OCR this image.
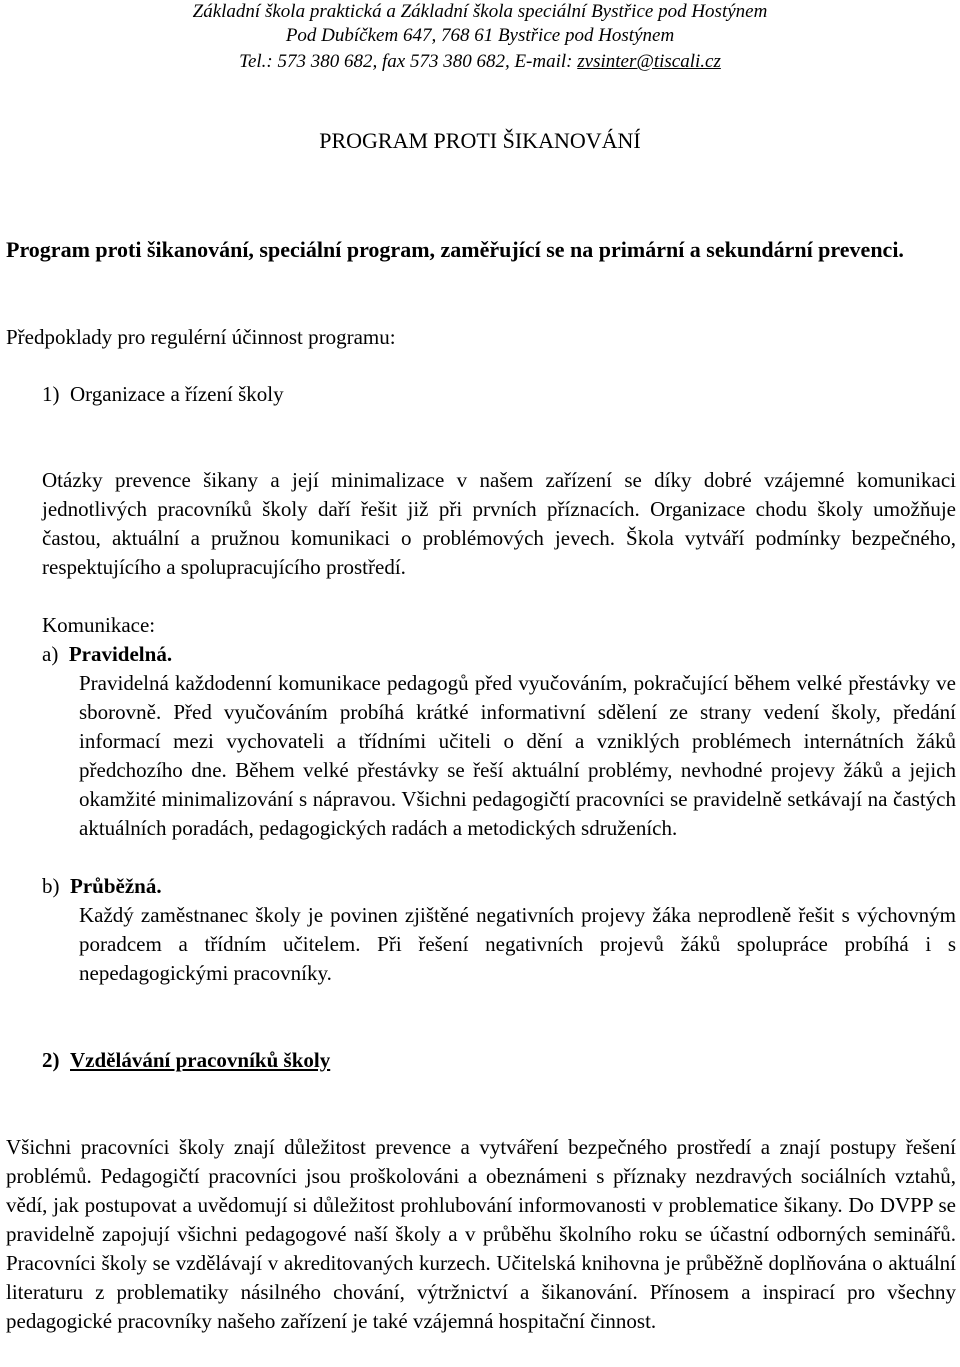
Základní škola praktická a Základní škola speciální Bystřice pod Hostýnem
Pod Dubíčkem 647, 768 61 Bystřice pod Hostýnem
Tel.: 573 380 682, fax 573 380 682, E-mail: zvsinter@tiscali.cz
PROGRAM PROTI ŠIKANOVÁNÍ
Program proti šikanování, speciální program, zaměřující se na primární a sekundární prevenci.
Předpoklady pro regulérní účinnost programu:
1) Organizace a řízení školy
Otázky prevence šikany a její minimalizace v našem zařízení se díky dobré vzájemné komunikaci jednotlivých pracovníků školy daří řešit již při prvních příznacích. Organizace chodu školy umožňuje častou, aktuální a pružnou komunikaci o problémových jevech. Škola vytváří podmínky bezpečného, respektujícího a spolupracujícího prostředí.
Komunikace:
a) Pravidelná.
Pravidelná každodenní komunikace pedagogů před vyučováním, pokračující během velké přestávky ve sborovně. Před vyučováním probíhá krátké informativní sdělení ze strany vedení školy, předání informací mezi vychovateli a třídními učiteli o dění a vzniklých problémech internátních žáků předchozího dne. Během velké přestávky se řeší aktuální problémy, nevhodné projevy žáků a jejich okamžité minimalizování s nápravou. Všichni pedagogičtí pracovníci se pravidelně setkávají na častých aktuálních poradách, pedagogických radách a metodických sdruženích.
b) Průběžná.
Každý zaměstnanec školy je povinen zjištěné negativních projevy žáka neprodleně řešit s výchovným poradcem a třídním učitelem. Při řešení negativních projevů žáků spolupráce probíhá i s nepedagogickými pracovníky.
2) Vzdělávání pracovníků školy
Všichni pracovníci školy znají důležitost prevence a vytváření bezpečného prostředí a znají postupy řešení problémů. Pedagogičtí pracovníci jsou proškolováni a obeznámeni s příznaky nezdravých sociálních vztahů, vědí, jak postupovat a uvědomují si důležitost prohlubování informovanosti v problematice šikany. Do DVPP se pravidelně zapojují všichni pedagogové naší školy a v průběhu školního roku se účastní odborných seminářů. Pracovníci školy se vzdělávají v akreditovaných kurzech. Učitelská knihovna je průběžně doplňována o aktuální literaturu z problematiky násilného chování, výtržnictví a šikanování. Přínosem a inspirací pro všechny pedagogické pracovníky našeho zařízení je také vzájemná hospitační činnost.
